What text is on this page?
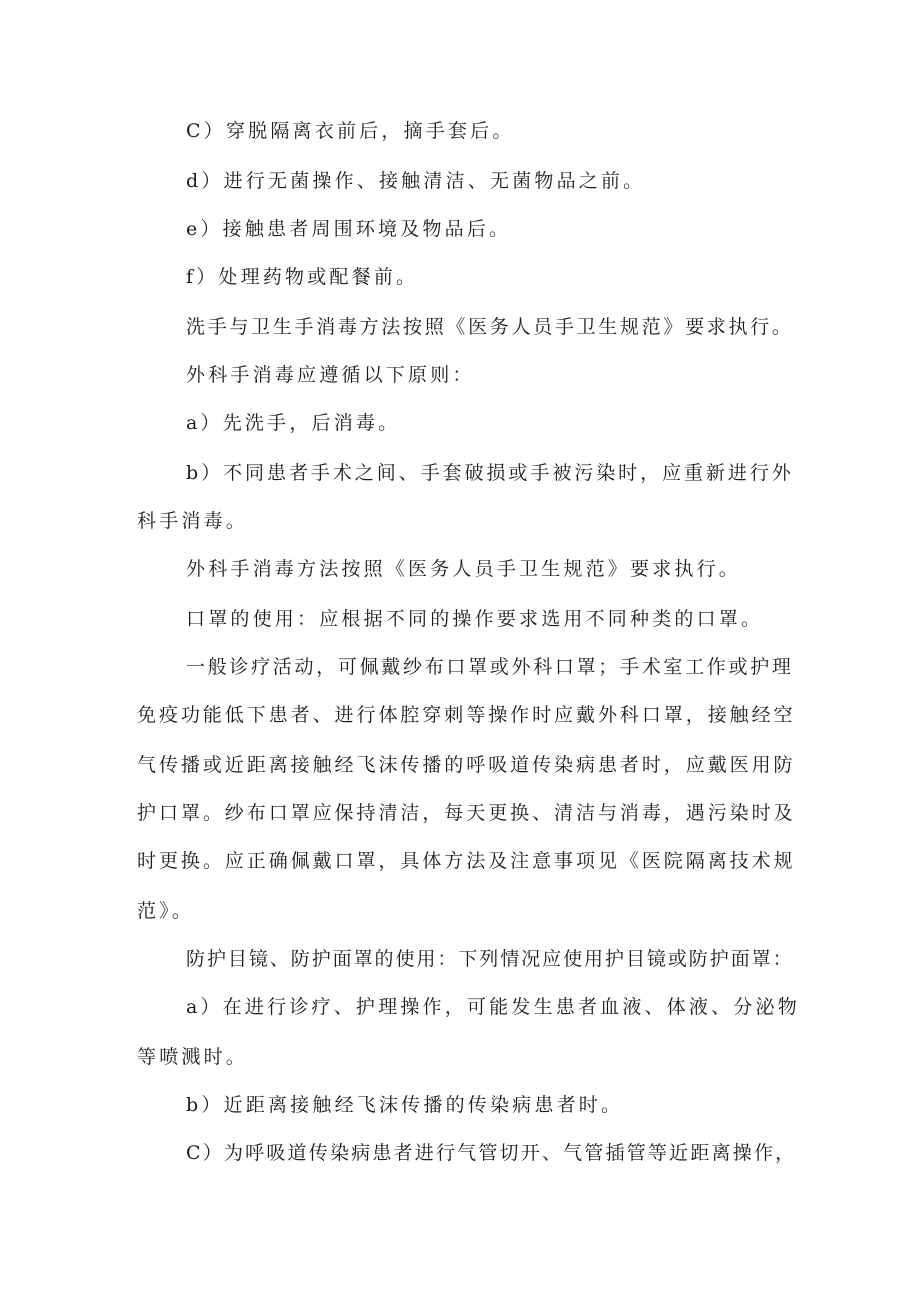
C）穿脱隔离衣前后，摘手套后。
d）进行无菌操作、接触清洁、无菌物品之前。
e）接触患者周围环境及物品后。
f）处理药物或配餐前。
洗手与卫生手消毒方法按照《医务人员手卫生规范》要求执行。
外科手消毒应遵循以下原则：
a）先洗手，后消毒。
b）不同患者手术之间、手套破损或手被污染时，应重新进行外
科手消毒。
外科手消毒方法按照《医务人员手卫生规范》要求执行。
口罩的使用：应根据不同的操作要求选用不同种类的口罩。
一般诊疗活动，可佩戴纱布口罩或外科口罩；手术室工作或护理
免疫功能低下患者、进行体腔穿刺等操作时应戴外科口罩，接触经空
气传播或近距离接触经飞沫传播的呼吸道传染病患者时，应戴医用防
护口罩。纱布口罩应保持清洁，每天更换、清洁与消毒，遇污染时及
时更换。应正确佩戴口罩，具体方法及注意事项见《医院隔离技术规
范》。
防护目镜、防护面罩的使用：下列情况应使用护目镜或防护面罩：
a）在进行诊疗、护理操作，可能发生患者血液、体液、分泌物
等喷溅时。
b）近距离接触经飞沫传播的传染病患者时。
C）为呼吸道传染病患者进行气管切开、气管插管等近距离操作，
